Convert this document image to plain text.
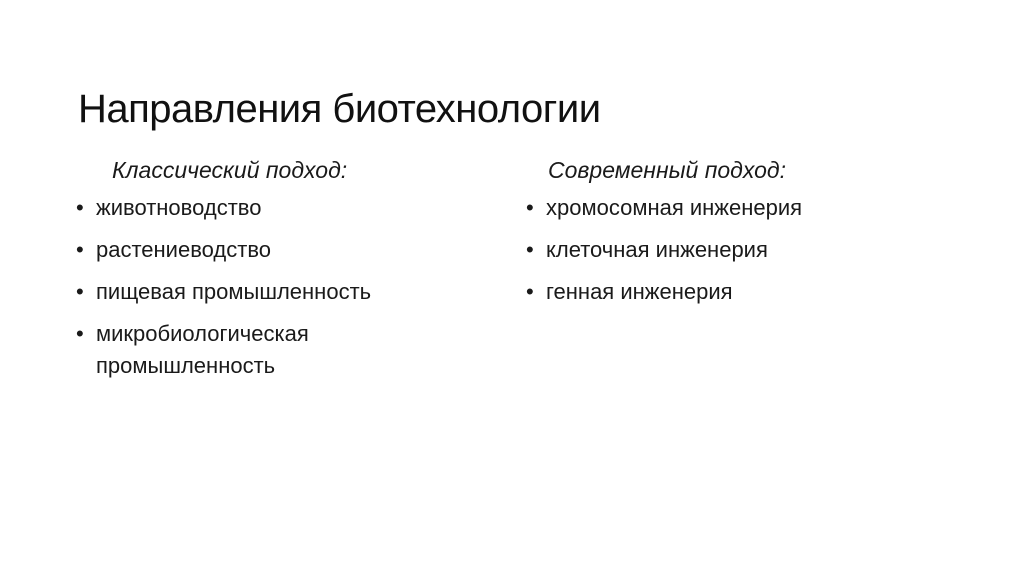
Направления биотехнологии
Классический подход:
• животноводство
• растениеводство
• пищевая промышленность
• микробиологическая промышленность
Современный подход:
• хромосомная инженерия
• клеточная инженерия
• генная инженерия
